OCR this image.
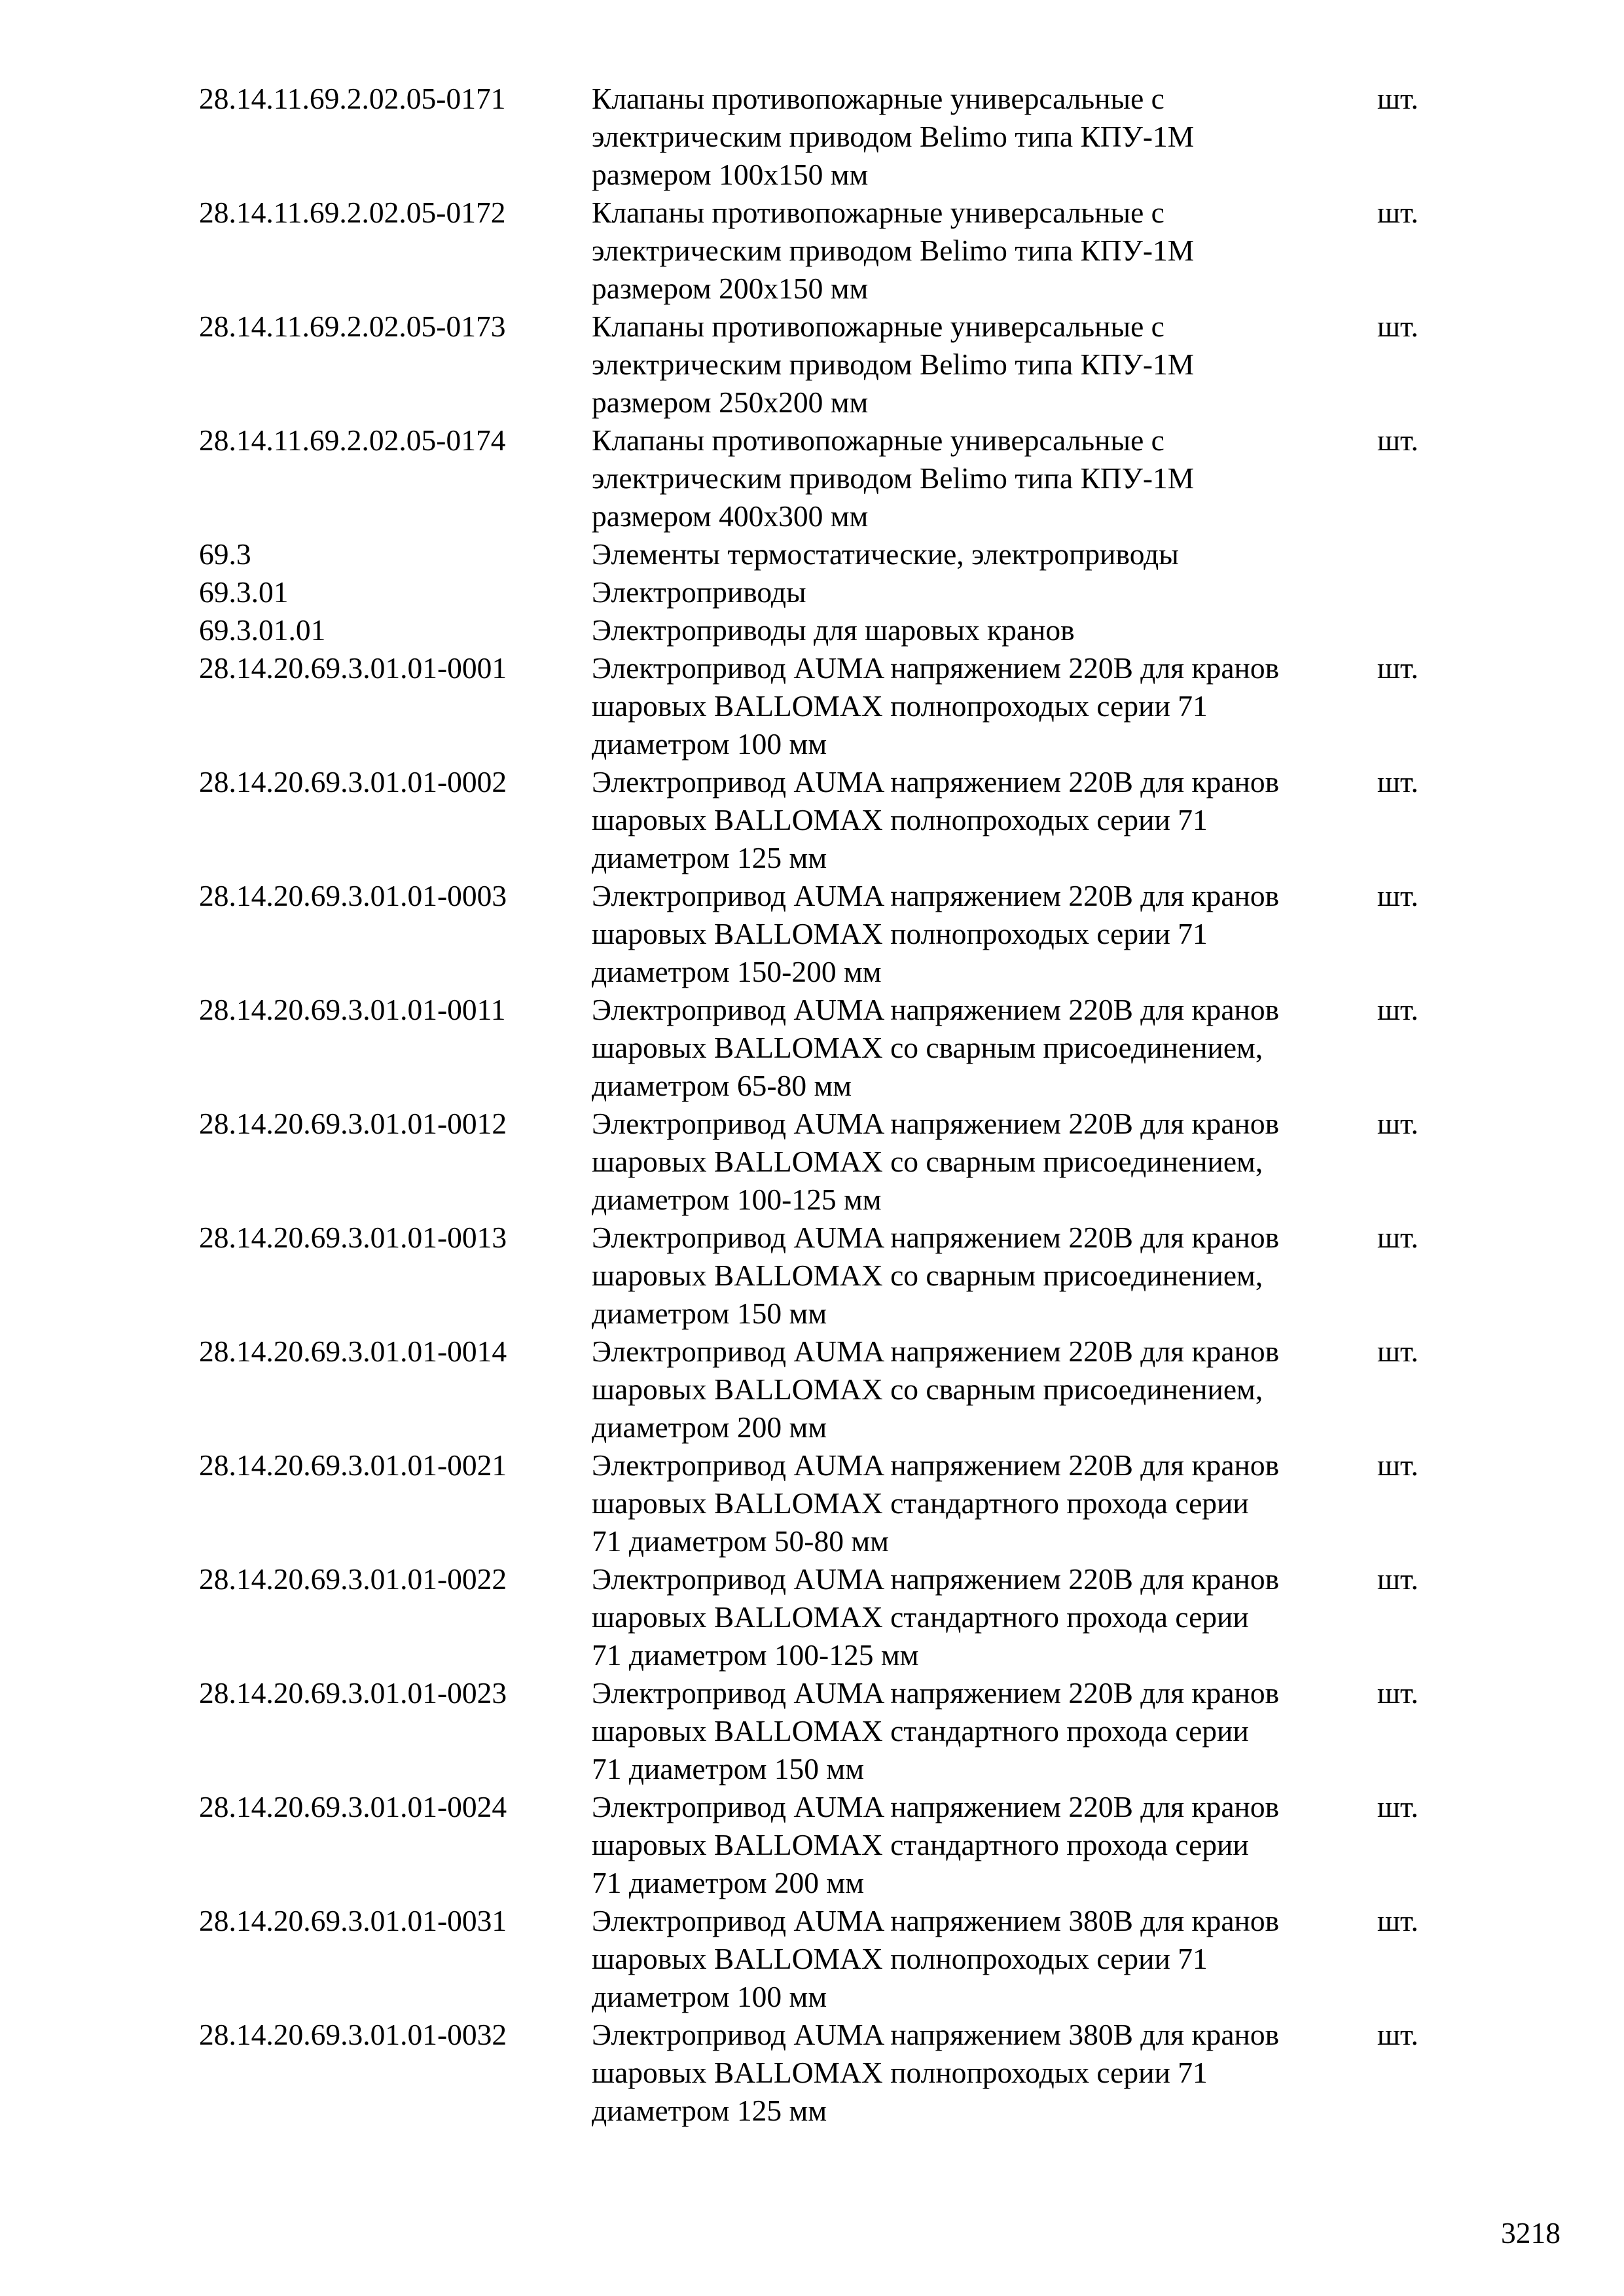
28.14.11.69.2.02.05-0171	Клапаны противопожарные универсальные с
электрическим приводом Belimo типа КПУ-1М
размером 100х150 мм
шт.
28.14.11.69.2.02.05-0172	Клапаны противопожарные универсальные с
электрическим приводом Belimo типа КПУ-1М
размером 200х150 мм
шт.
28.14.11.69.2.02.05-0173	Клапаны противопожарные универсальные с
электрическим приводом Belimo типа КПУ-1М
размером 250х200 мм
шт.
28.14.11.69.2.02.05-0174	Клапаны противопожарные универсальные с
электрическим приводом Belimo типа КПУ-1М
размером 400х300 мм
шт.
69.3	Элементы термостатические, электроприводы
69.3.01	Электроприводы
69.3.01.01	Электроприводы для шаровых кранов
28.14.20.69.3.01.01-0001	Электропривод AUMA напряжением 220В для кранов
шаровых BALLOMAX полнопроходых серии 71
диаметром 100 мм
шт.
28.14.20.69.3.01.01-0002	Электропривод AUMA напряжением 220В для кранов
шаровых BALLOMAX полнопроходых серии 71
диаметром 125 мм
шт.
28.14.20.69.3.01.01-0003	Электропривод AUMA напряжением 220В для кранов
шаровых BALLOMAX полнопроходых серии 71
диаметром 150-200 мм
шт.
28.14.20.69.3.01.01-0011	Электропривод AUMA напряжением 220В для кранов
шаровых BALLOMAX со сварным присоединением,
диаметром 65-80 мм
шт.
28.14.20.69.3.01.01-0012	Электропривод AUMA напряжением 220В для кранов
шаровых BALLOMAX со сварным присоединением,
диаметром 100-125 мм
шт.
28.14.20.69.3.01.01-0013	Электропривод AUMA напряжением 220В для кранов
шаровых BALLOMAX со сварным присоединением,
диаметром 150 мм
шт.
28.14.20.69.3.01.01-0014	Электропривод AUMA напряжением 220В для кранов
шаровых BALLOMAX со сварным присоединением,
диаметром 200 мм
шт.
28.14.20.69.3.01.01-0021	Электропривод AUMA напряжением 220В для кранов
шаровых BALLOMAX стандартного прохода серии
71 диаметром 50-80 мм
шт.
28.14.20.69.3.01.01-0022	Электропривод AUMA напряжением 220В для кранов
шаровых BALLOMAX стандартного прохода серии
71 диаметром 100-125 мм
шт.
28.14.20.69.3.01.01-0023	Электропривод AUMA напряжением 220В для кранов
шаровых BALLOMAX стандартного прохода серии
71 диаметром 150 мм
шт.
28.14.20.69.3.01.01-0024	Электропривод AUMA напряжением 220В для кранов
шаровых BALLOMAX стандартного прохода серии
71 диаметром 200 мм
шт.
28.14.20.69.3.01.01-0031	Электропривод AUMA напряжением 380В для кранов
шаровых BALLOMAX полнопроходых серии 71
диаметром 100 мм
шт.
28.14.20.69.3.01.01-0032	Электропривод AUMA напряжением 380В для кранов
шаровых BALLOMAX полнопроходых серии 71
диаметром 125 мм
шт.
3218
